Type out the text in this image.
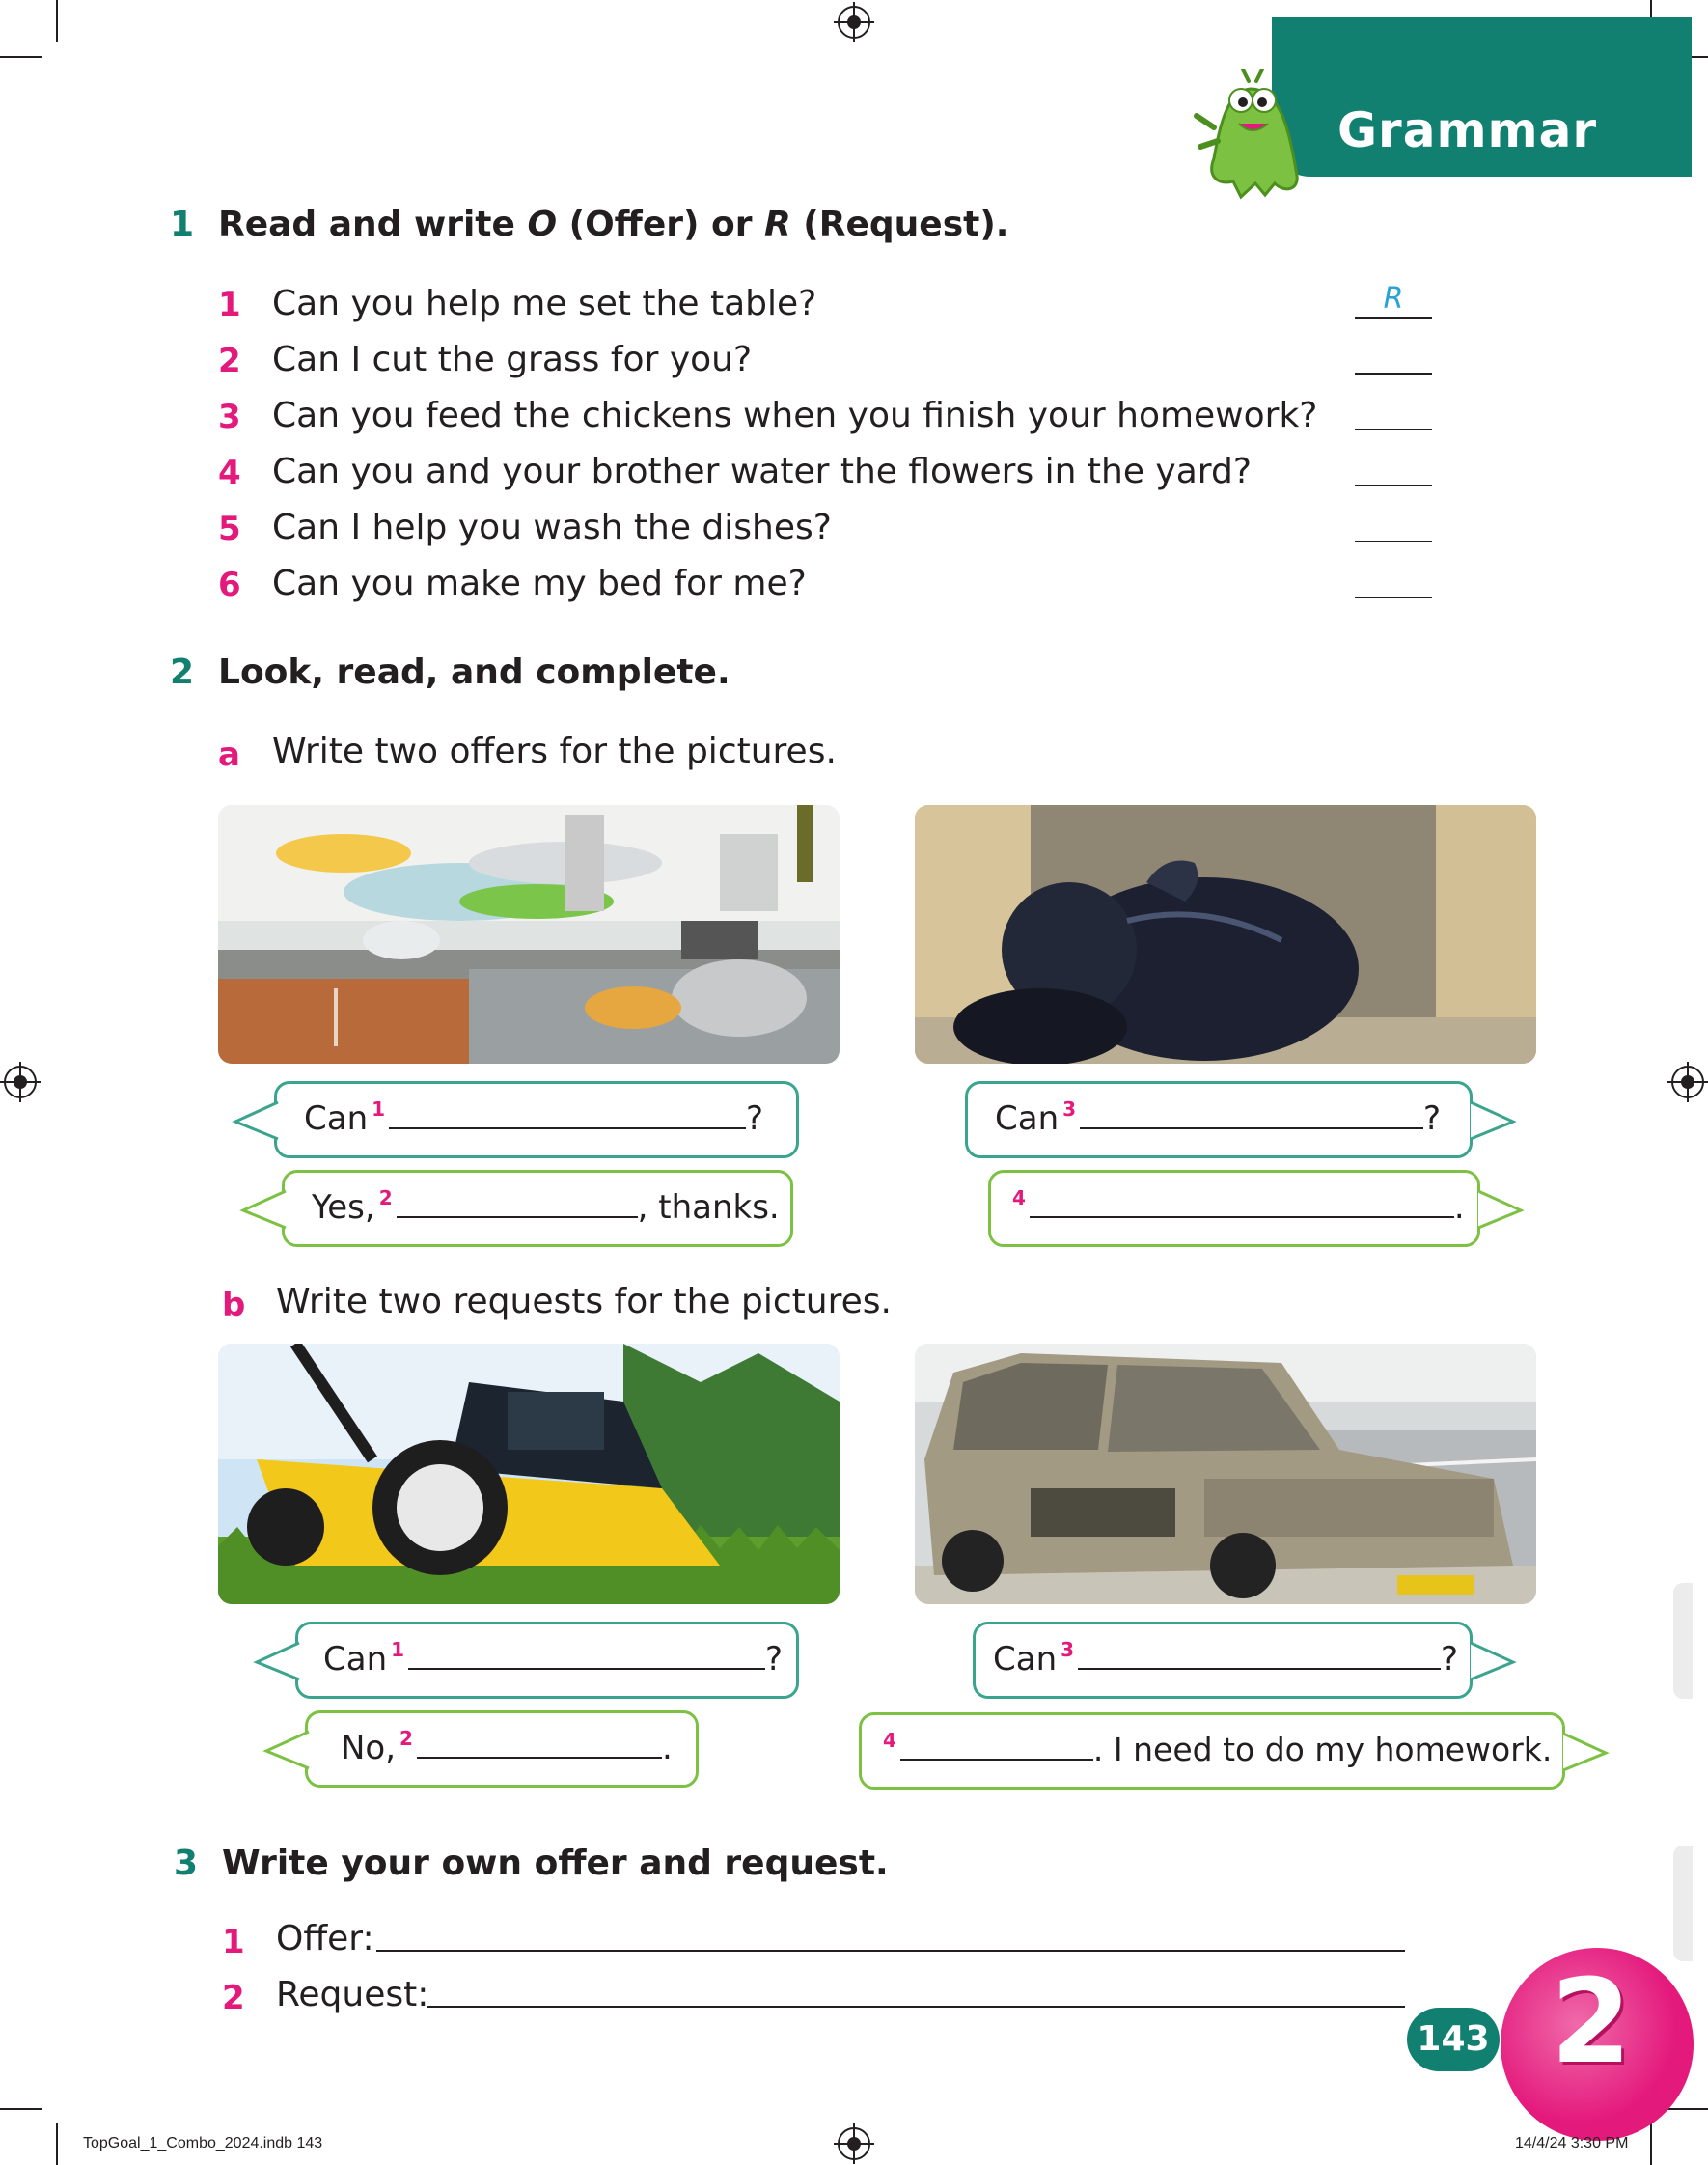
Grammar
1 Read and write O (Offer) or R (Request).
1 Can you help me set the table?	R
2 Can I cut the grass for you?
3 Can you feed the chickens when you finish your homework?
4 Can you and your brother water the flowers in the yard?
5 Can I help you wash the dishes?
6 Can you make my bed for me?
2 Look, read, and complete.
a Write two offers for the pictures.
Can $^1$	?
Yes, $^2$	, thanks.
Can $^3$	?
$^4$	.
b Write two requests for the pictures.
Can $^1$	?
No, $^2$	.
Can $^3$	?
$^4$	. I need to do my homework.
3 Write your own offer and request.
1 Offer:
2 Request:	2
143
TopGoal_1_Combo_2024.indb 143	14/4/24 3:30 PM
